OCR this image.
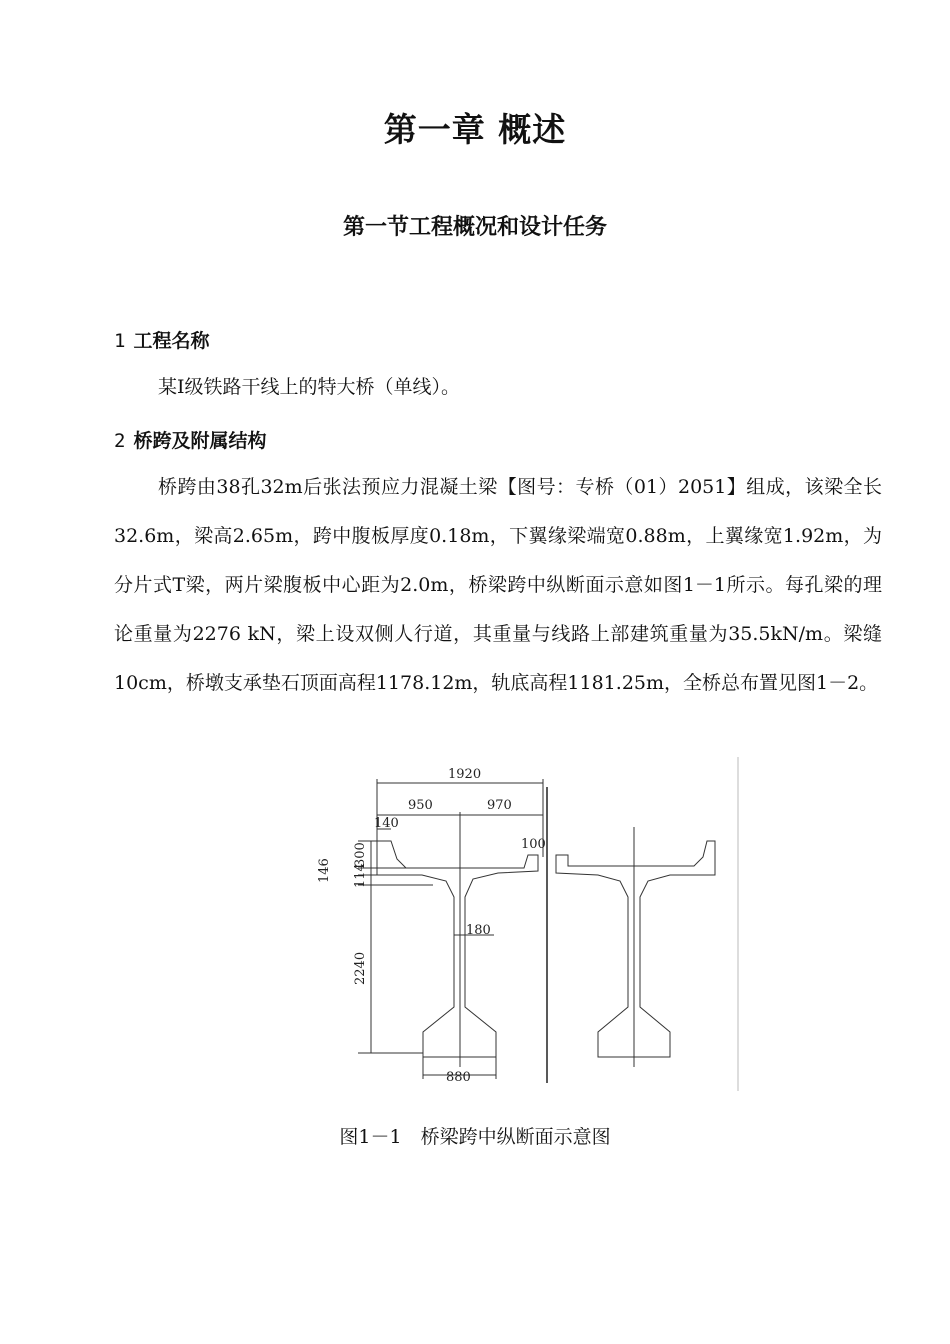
第一章 概述
第一节工程概况和设计任务
1 工程名称
某Ⅰ级铁路干线上的特大桥（单线）。
2 桥跨及附属结构
桥跨由38孔32m后张法预应力混凝土梁【图号：专桥（01）2051】组成，该梁全长32.6m，梁高2.65m，跨中腹板厚度0.18m，下翼缘梁端宽0.88m，上翼缘宽1.92m，为分片式T梁，两片梁腹板中心距为2.0m，桥梁跨中纵断面示意如图1－1所示。每孔梁的理论重量为2276 kN，梁上设双侧人行道，其重量与线路上部建筑重量为35.5kN/m。梁缝10cm，桥墩支承垫石顶面高程1178.12m，轨底高程1181.25m，全桥总布置见图1－2。
1920
950	970
140
100
180
880
300
146 114
2240
图1－1　桥梁跨中纵断面示意图
